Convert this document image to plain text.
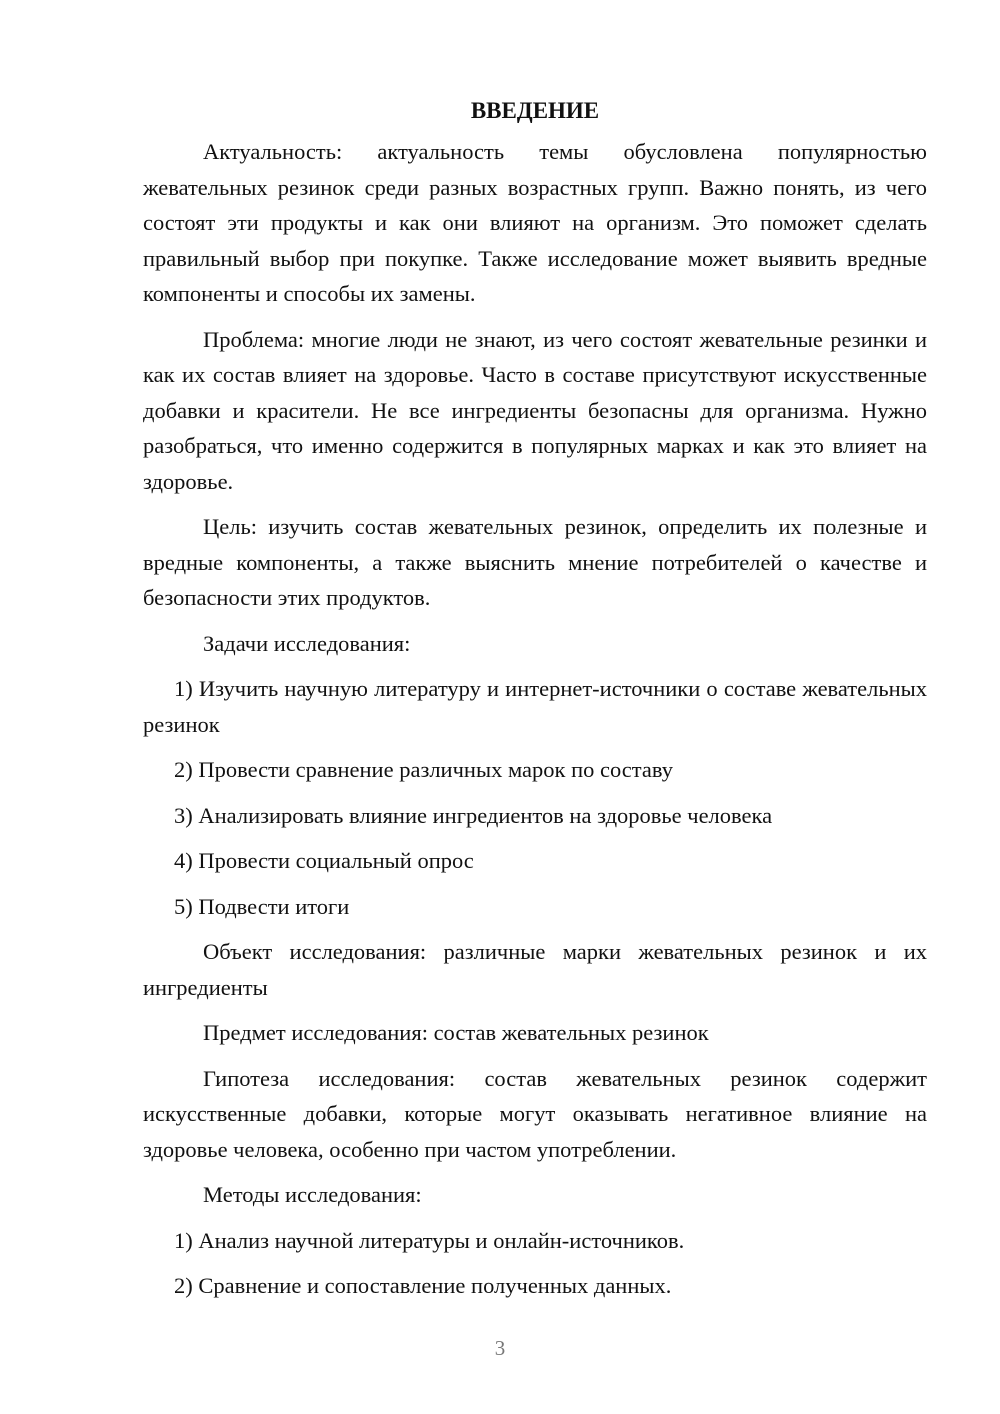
ВВЕДЕНИЕ

Актуальность: актуальность темы обусловлена популярностью жевательных резинок среди разных возрастных групп. Важно понять, из чего состоят эти продукты и как они влияют на организм. Это поможет сделать правильный выбор при покупке. Также исследование может выявить вредные компоненты и способы их замены.

Проблема: многие люди не знают, из чего состоят жевательные резинки и как их состав влияет на здоровье. Часто в составе присутствуют искусственные добавки и красители. Не все ингредиенты безопасны для организма. Нужно разобраться, что именно содержится в популярных марках и как это влияет на здоровье.

Цель: изучить состав жевательных резинок, определить их полезные и вредные компоненты, а также выяснить мнение потребителей о качестве и безопасности этих продуктов.

Задачи исследования:

1) Изучить научную литературу и интернет-источники о составе жевательных резинок

2) Провести сравнение различных марок по составу

3) Анализировать влияние ингредиентов на здоровье человека

4) Провести социальный опрос

5) Подвести итоги

Объект исследования: различные марки жевательных резинок и их ингредиенты

Предмет исследования: состав жевательных резинок

Гипотеза исследования: состав жевательных резинок содержит искусственные добавки, которые могут оказывать негативное влияние на здоровье человека, особенно при частом употреблении.

Методы исследования:

1) Анализ научной литературы и онлайн-источников.

2) Сравнение и сопоставление полученных данных.

3
